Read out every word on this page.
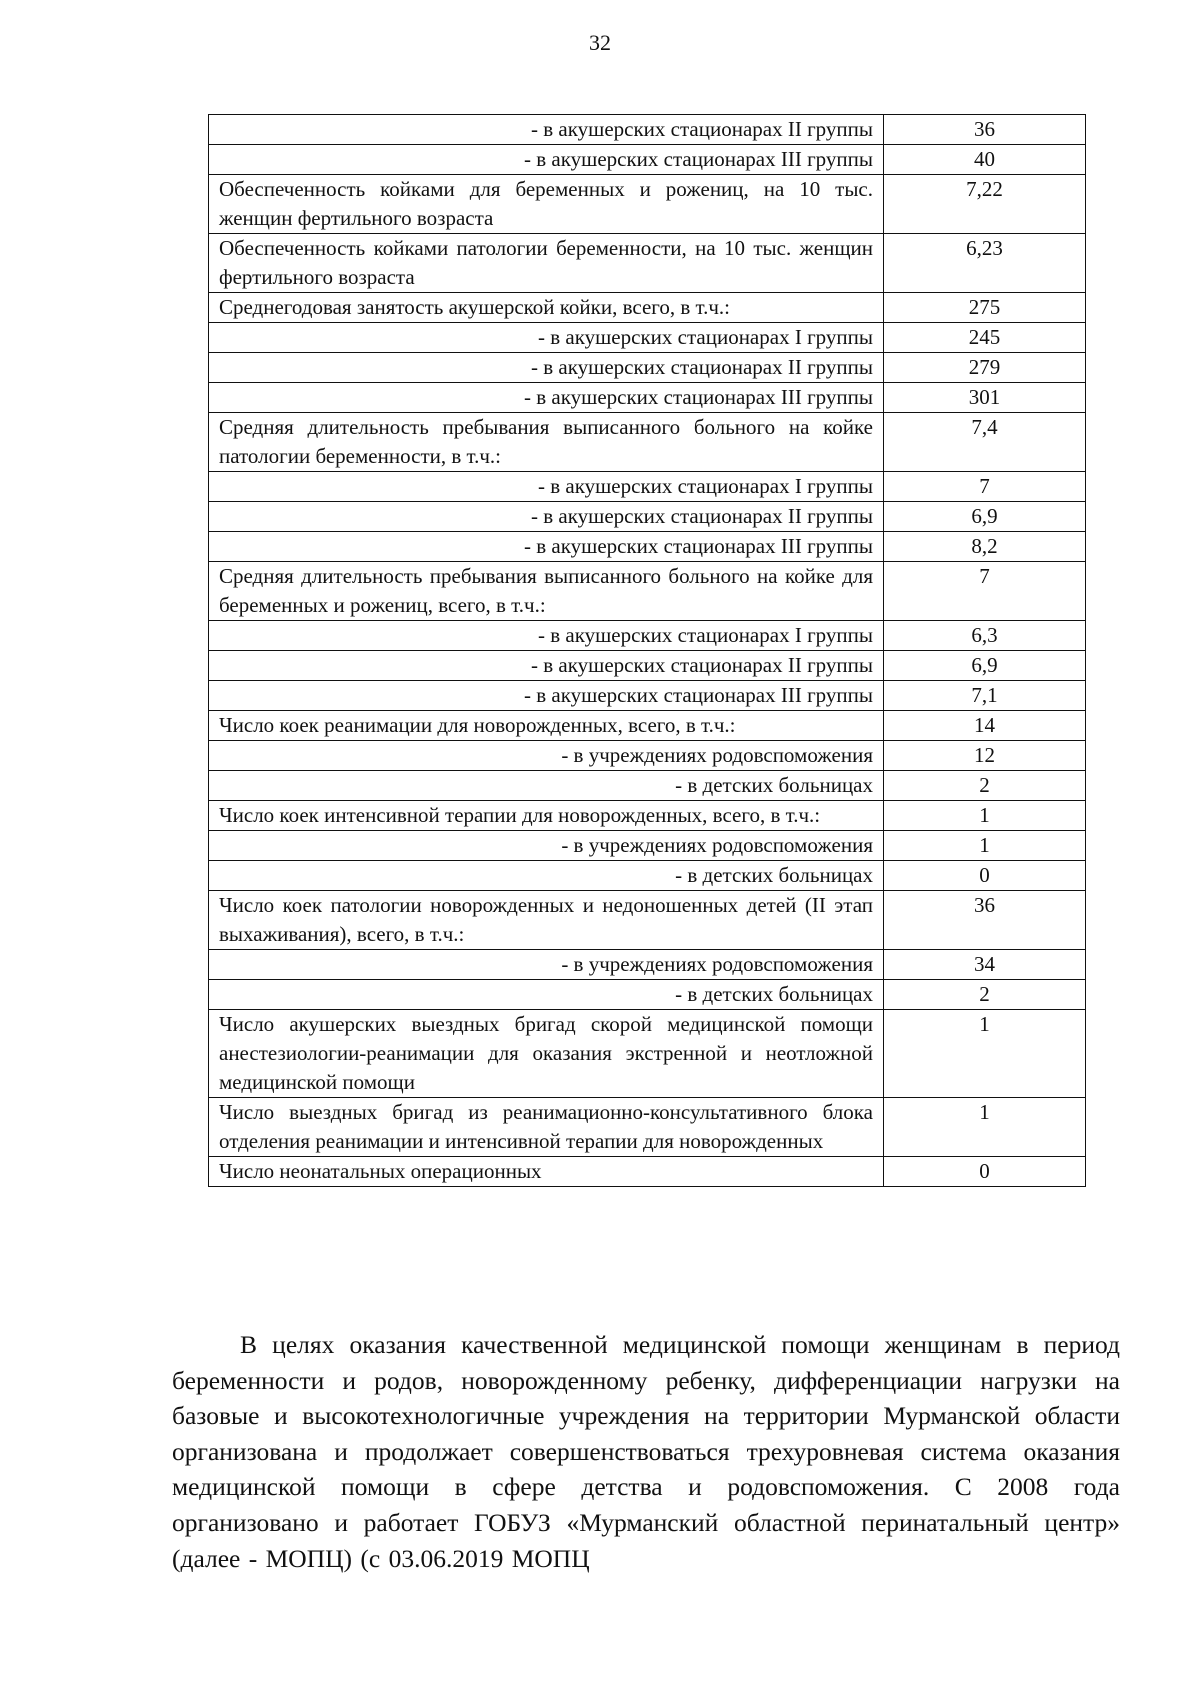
32
- в акушерских стационарах II группы	36
- в акушерских стационарах III группы	40
Обеспеченность койками для беременных и рожениц, на 10 тыс. женщин фертильного возраста	7,22
Обеспеченность койками патологии беременности, на 10 тыс. женщин фертильного возраста	6,23
Среднегодовая занятость акушерской койки, всего, в т.ч.:	275
- в акушерских стационарах I группы	245
- в акушерских стационарах II группы	279
- в акушерских стационарах III группы	301
Средняя длительность пребывания выписанного больного на койке патологии беременности, в т.ч.:	7,4
- в акушерских стационарах I группы	7
- в акушерских стационарах II группы	6,9
- в акушерских стационарах III группы	8,2
Средняя длительность пребывания выписанного больного на койке для беременных и рожениц, всего, в т.ч.:	7
- в акушерских стационарах I группы	6,3
- в акушерских стационарах II группы	6,9
- в акушерских стационарах III группы	7,1
Число коек реанимации для новорожденных, всего, в т.ч.:	14
- в учреждениях родовспоможения	12
- в детских больницах	2
Число коек интенсивной терапии для новорожденных, всего, в т.ч.:	1
- в учреждениях родовспоможения	1
- в детских больницах	0
Число коек патологии новорожденных и недоношенных детей (II этап выхаживания), всего, в т.ч.:	36
- в учреждениях родовспоможения	34
- в детских больницах	2
Число акушерских выездных бригад скорой медицинской помощи анестезиологии-реанимации для оказания экстренной и неотложной медицинской помощи	1
Число выездных бригад из реанимационно-консультативного блока отделения реанимации и интенсивной терапии для новорожденных	1
Число неонатальных операционных	0

В целях оказания качественной медицинской помощи женщинам в период беременности и родов, новорожденному ребенку, дифференциации нагрузки на базовые и высокотехнологичные учреждения на территории Мурманской области организована и продолжает совершенствоваться трехуровневая система оказания медицинской помощи в сфере детства и родовспоможения. С 2008 года организовано и работает ГОБУЗ «Мурманский областной перинатальный центр» (далее - МОПЦ) (с 03.06.2019 МОПЦ
